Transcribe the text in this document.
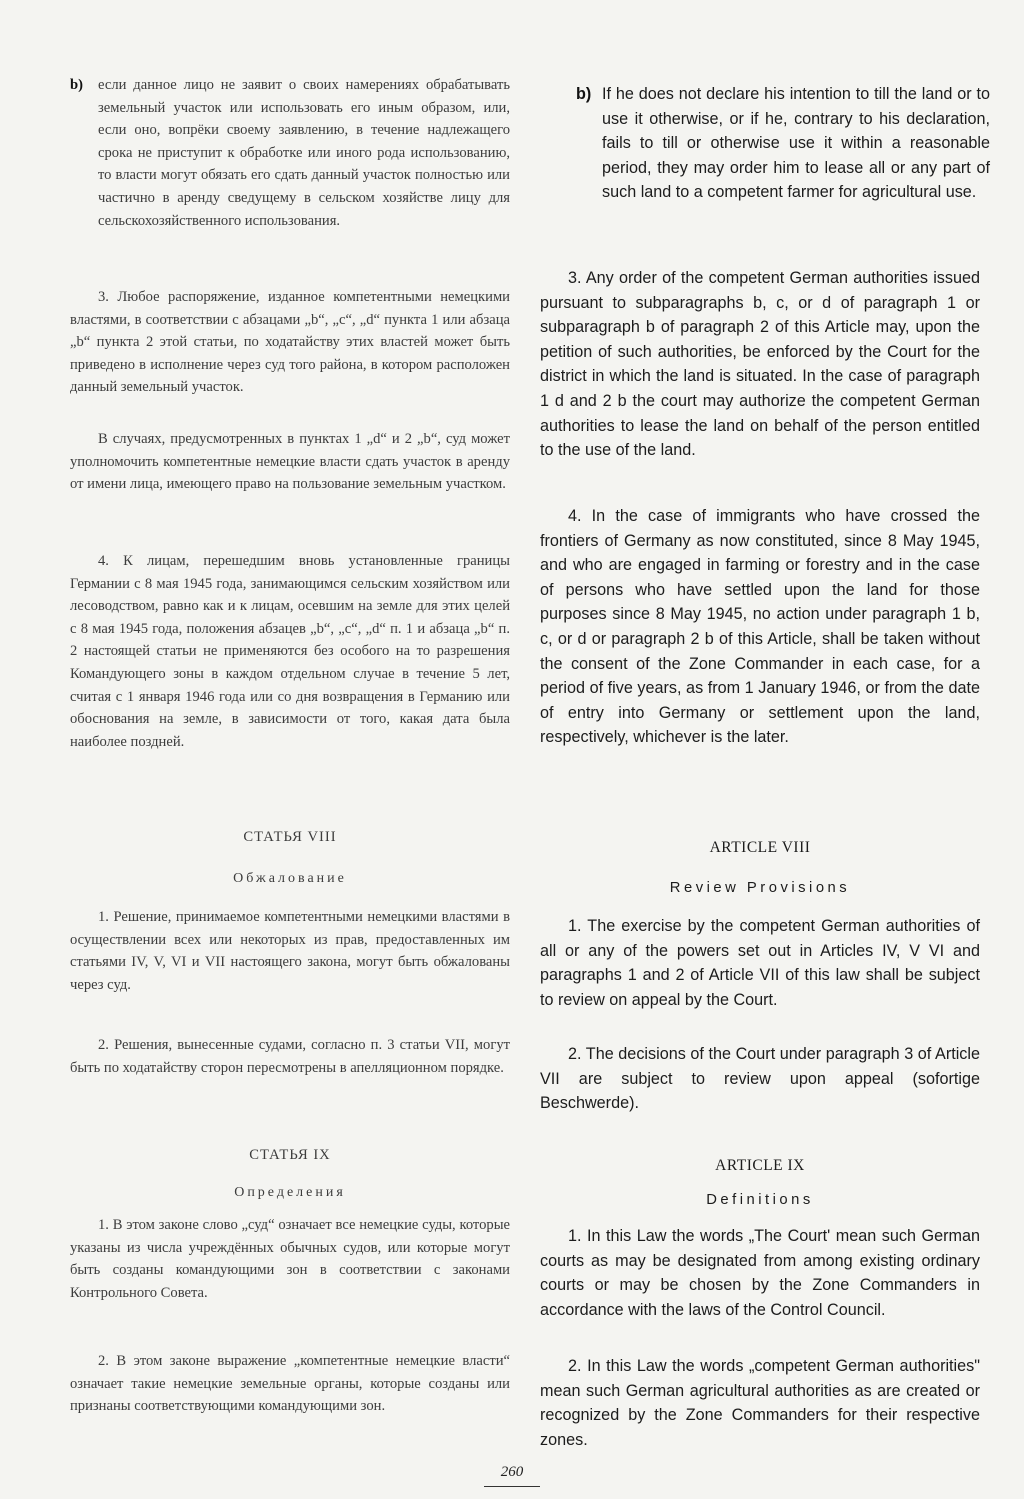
b)	если данное лицо не заявит о своих намерениях обрабатывать земельный участок или использовать его иным образом, или, если оно, вопрёки своему заявлению, в течение надлежащего срока не приступит к обработке или иного рода использованию, то власти могут обязать его сдать данный участок полностью или частично в аренду сведущему в сельском хозяйстве лицу для сельскохозяйственного использования.

3. Любое распоряжение, изданное компетентными немецкими властями, в соответствии с абзацами „b“, „c“, „d“ пункта 1 или абзаца „b“ пункта 2 этой статьи, по ходатайству этих властей может быть приведено в исполнение через суд того района, в котором расположен данный земельный участок.

В случаях, предусмотренных в пунктах 1 „d“ и 2 „b“, суд может уполномочить компетентные немецкие власти сдать участок в аренду от имени лица, имеющего право на пользование земельным участком.

4. К лицам, перешедшим вновь установленные границы Германии с 8 мая 1945 года, занимающимся сельским хозяйством или лесоводством, равно как и к лицам, осевшим на земле для этих целей с 8 мая 1945 года, положения абзацев „b“, „c“, „d“ п. 1 и абзаца „b“ п. 2 настоящей статьи не применяются без особого на то разрешения Командующего зоны в каждом отдельном случае в течение 5 лет, считая с 1 января 1946 года или со дня возвращения в Германию или обоснования на земле, в зависимости от того, какая дата была наиболее поздней.

СТАТЬЯ VIII
Обжалование

1. Решение, принимаемое компетентными немецкими властями в осуществлении всех или некоторых из прав, предоставленных им статьями IV, V, VI и VII настоящего закона, могут быть обжалованы через суд.

2. Решения, вынесенные судами, согласно п. 3 статьи VII, могут быть по ходатайству сторон пересмотрены в апелляционном порядке.

СТАТЬЯ IX
Определения

1. В этом законе слово „суд“ означает все немецкие суды, которые указаны из числа учреждённых обычных судов, или которые могут быть созданы командующими зон в соответствии с законами Контрольного Совета.

2. В этом законе выражение „компетентные немецкие власти“ означает такие немецкие земельные органы, которые созданы или признаны соответствующими командующими зон.

b) If he does not declare his intention to till the land or to use it otherwise, or if he, contrary to his declaration, fails to till or otherwise use it within a reasonable period, they may order him to lease all or any part of such land to a competent farmer for agricultural use.

3. Any order of the competent German authorities issued pursuant to subparagraphs b, c, or d of paragraph 1 or subparagraph b of paragraph 2 of this Article may, upon the petition of such authorities, be enforced by the Court for the district in which the land is situated. In the case of paragraph 1 d and 2 b the court may authorize the competent German authorities to lease the land on behalf of the person entitled to the use of the land.

4. In the case of immigrants who have crossed the frontiers of Germany as now constituted, since 8 May 1945, and who are engaged in farming or forestry and in the case of persons who have settled upon the land for those purposes since 8 May 1945, no action under paragraph 1 b, c, or d or paragraph 2 b of this Article, shall be taken without the consent of the Zone Commander in each case, for a period of five years, as from 1 January 1946, or from the date of entry into Germany or settlement upon the land, respectively, whichever is the later.

ARTICLE VIII
Review Provisions

1. The exercise by the competent German authorities of all or any of the powers set out in Articles IV, V VI and paragraphs 1 and 2 of Article VII of this law shall be subject to review on appeal by the Court.

2. The decisions of the Court under paragraph 3 of Article VII are subject to review upon appeal (sofortige Beschwerde).

ARTICLE IX
Definitions

1. In this Law the words „The Court' mean such German courts as may be designated from among existing ordinary courts or may be chosen by the Zone Commanders in accordance with the laws of the Control Council.

2. In this Law the words „competent German authorities" mean such German agricultural authorities as are created or recognized by the Zone Commanders for their respective zones.

260
